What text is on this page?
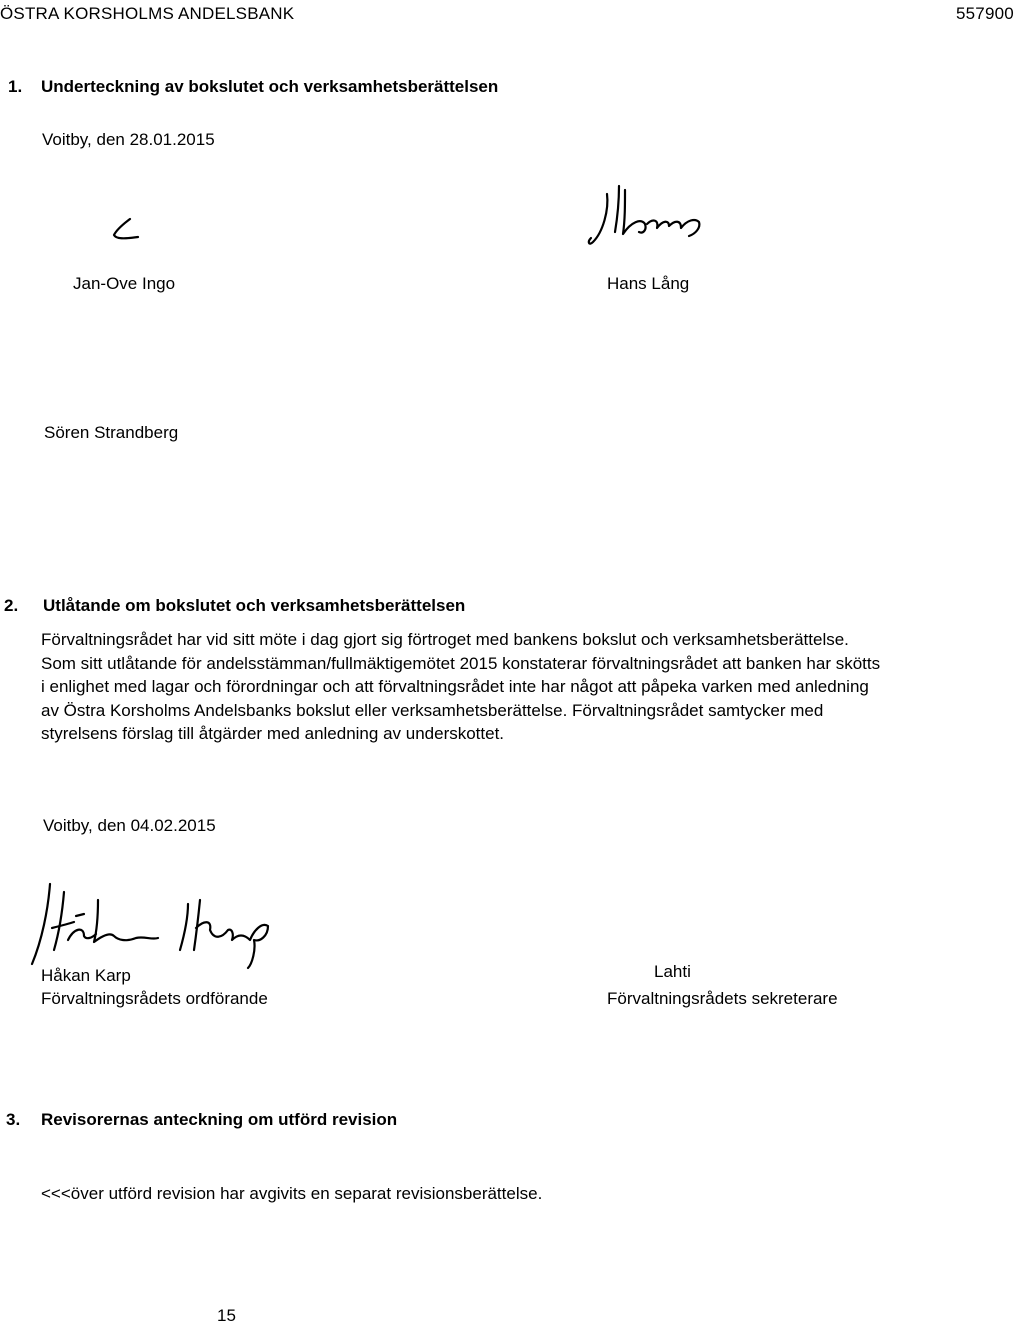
ÖSTRA KORSHOLMS ANDELSBANK	557900
1. Underteckning av bokslutet och verksamhetsberättelsen
Voitby, den 28.01.2015
Jan-Ove Ingo	Hans Lång
Sören Strandberg
2. Utlåtande om bokslutet och verksamhetsberättelsen
Förvaltningsrådet har vid sitt möte i dag gjort sig förtroget med bankens bokslut och verksamhetsberättelse.
Som sitt utlåtande för andelsstämman/fullmäktigemötet 2015 konstaterar förvaltningsrådet att banken har skötts
i enlighet med lagar och förordningar och att förvaltningsrådet inte har något att påpeka varken med anledning
av Östra Korsholms Andelsbanks bokslut eller verksamhetsberättelse. Förvaltningsrådet samtycker med
styrelsens förslag till åtgärder med anledning av underskottet.
Voitby, den 04.02.2015
Håkan Karp
Förvaltningsrådets ordförande
Lahti
Förvaltningsrådets sekreterare
3. Revisorernas anteckning om utförd revision
<<<över utförd revision har avgivits en separat revisionsberättelse.
15
